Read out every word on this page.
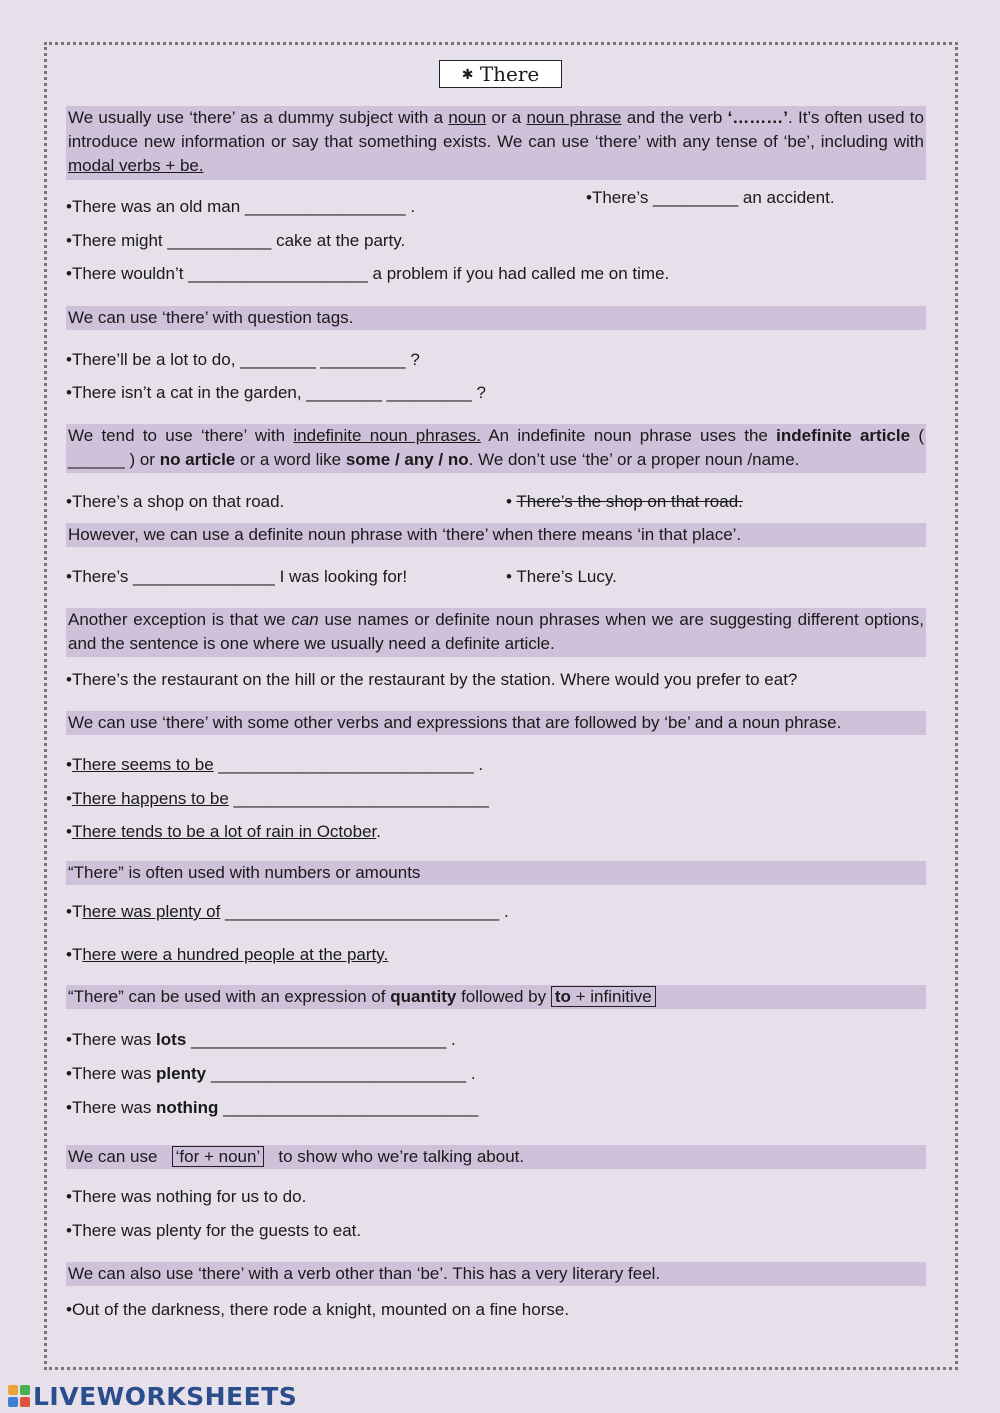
✱ There
We usually use ‘there’ as a dummy subject with a noun or a noun phrase and the verb ‘………’. It’s often used to introduce new information or say that something exists. We can use ‘there’ with any tense of ‘be’, including with modal verbs + be.
•There was an old man _________________ .	•There’s _________ an accident.
•There might ___________ cake at the party.
•There wouldn’t ___________________ a problem if you had called me on time.
We can use ‘there’ with question tags.
•There’ll be a lot to do, ________ _________ ?
•There isn’t a cat in the garden, ________ _________ ?
We tend to use ‘there’ with indefinite noun phrases. An indefinite noun phrase uses the indefinite article ( ______ ) or no article or a word like some / any / no. We don’t use ‘the’ or a proper noun /name.
•There’s a shop on that road.	• There’s the shop on that road.
However, we can use a definite noun phrase with ‘there’ when there means ‘in that place’.
•There’s _______________ I was looking for!	• There’s Lucy.
Another exception is that we can use names or definite noun phrases when we are suggesting different options, and the sentence is one where we usually need a definite article.
•There’s the restaurant on the hill or the restaurant by the station. Where would you prefer to eat?
We can use ‘there’ with some other verbs and expressions that are followed by ‘be’ and a noun phrase.
•There seems to be ___________________________ .
•There happens to be ___________________________
•There tends to be a lot of rain in October.
“There” is often used with numbers or amounts
•There was plenty of _____________________________ .
•There were a hundred people at the party.
“There” can be used with an expression of quantity followed by to + infinitive
•There was lots ___________________________ .
•There was plenty ___________________________ .
•There was nothing ___________________________
We can use   ‘for + noun’   to show who we’re talking about.
•There was nothing for us to do.
•There was plenty for the guests to eat.
We can also use ‘there’ with a verb other than ‘be’. This has a very literary feel.
•Out of the darkness, there rode a knight, mounted on a fine horse.
LIVEWORKSHEETS
